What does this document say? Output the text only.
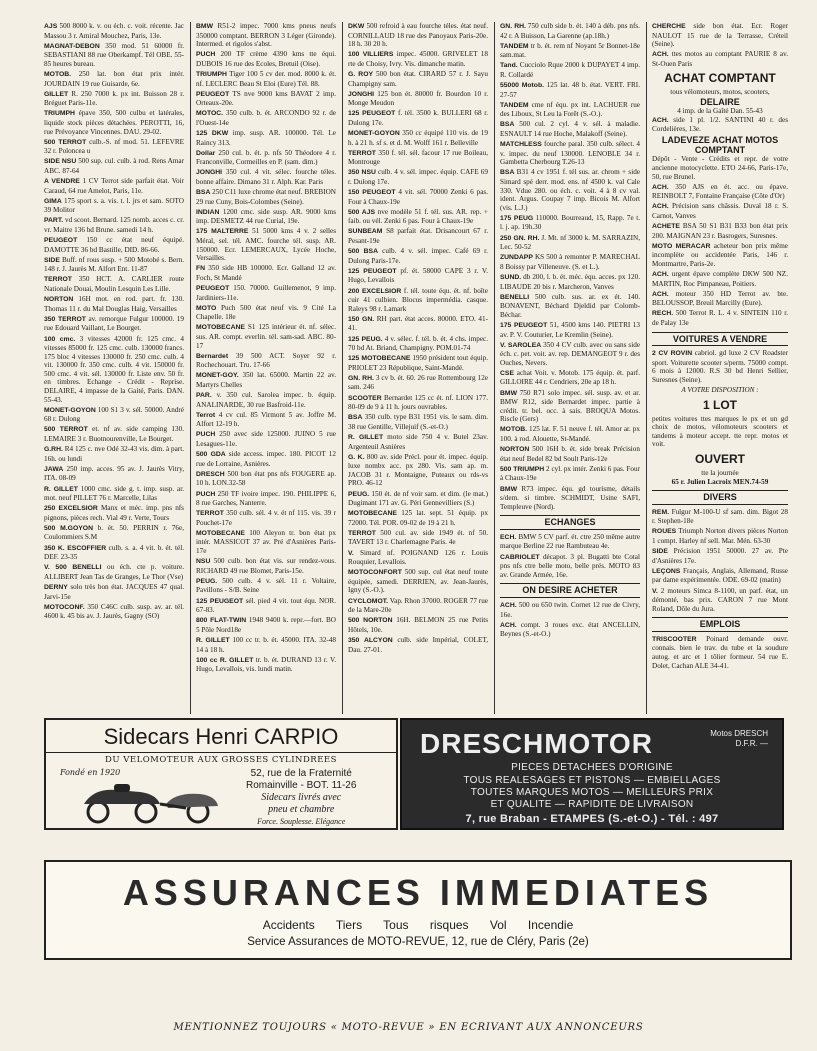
AJS 500 8000 k. v. ou éch. c. voit. récente. Jac Massou 3 r. Amiral Mouchez, Paris, 13e.
MAGNAT-DEBON 350 mod. 51 60000 fr. SEBASTIANI 88 rue Oberkampf. Tél OBE. 55-85 heures bureau.
MOTOB. 250 lat. bon état prix intér. JOURDAIN 19 rue Guisarde, 6e.
GILLET R. 250 7000 k. px int. Buisson 28 r. Bréguet Paris-11e.
TRIUMPH épave 350, 500 culbu et latérales, liquide stock pièces détachées. PEROTTI, 16, rue Prévoyance Vincennes. DAU. 29-02.
500 TERROT culb.-S. nf mod. 51. LEFEVRE 32 r. Poloncea u
SIDE NSU 500 sup. cul. culb. à rod. Rens Amar ABC. 87-64
A VENDRE 1 CV Terrot side parfait état. Voir Caraud, 64 rue Amelot, Paris, 11e.
GIMA 175 sport s. a. vis. t. l. jrs et sam. SOTO 39 Molitor
PART. vd scoot. Bernard. 125 nomb. acces c. cr. vr. Maitre 136 bd Brune. samedi 14 h.
PEUGEOT 150 cc état neuf équipé. DAMOTTE 36 bd Bastille, DID. 86-66.
SIDE Buff. nf rous susp. + 500 Motobé s. Bern. 148 r. J. Jaurès M. Alfort Ent. 11-87
TERROT 350 HCT. A. CARLIER route Nationale Douai, Moulin Lesquin Les Lille.
NORTON 16H mot. en rod. part. fr. 130. Thomas 11 r. du Mal Douglas Haig, Versailles
350 TERROT av. remorque Fulgur 100000. 19 rue Edouard Vaillant, Le Bourget.
100 cmc. 3 vitesses 42000 fr. 125 cmc. 4 vitesses 85000 fr. 125 cmc. culb. 130000 francs. 175 bloc 4 vitesses 130000 fr. 250 cmc. culb. 4 vit. 130000 fr. 350 cmc. culb. 4 vit. 150000 fr. 500 cmc. 4 vit. sél. 130000 fr. Liste env. 50 fr. en timbres. Echange - Crédit - Reprise. DELAIRE, 4 impasse de la Gaité, Paris. DAN. 55-43.
MONET-GOYON 100 S1 3 v. sél. 50000. André 68 r. Dulong
500 TERROT et. nf av. side camping 130. LEMAIRE 3 r. Buotnourenville, Le Bourget.
G.RH. R4 125 c. nve Odé 32-43 vis. dim. à part. 16h. ou lundi
JAWA 250 imp. acces. 95 av. J. Jaurès Vitry, ITA. 08-09
R. GILLET 1000 cmc. side g. t. imp. susp. ar. mot. neuf PILLET 76 r. Marcelle, Lilas
250 EXCELSIOR Manx et méc. imp. pns nfs pignons, pièces rech. Vial 49 r. Verte, Tours
500 M.GOYON b. ét. 50. PERRIN r. 76e, Coulommiers S.M
350 K. ESCOFFIER culb. s. a. 4 vit. b. ét. tél. DEF. 23-35
V. 500 BENELLI ou éch. cte p. voiture. ALLIBERT Jean Tas de Granges, Le Thor (Vse)
DERNY solo très bon état. JACQUES 47 qual. Jarvi-15e
MOTOCONF. 350 C46C culb. susp. av. ar. tél. 4600 k. 45 bis av. J. Jaurès, Gagny (SO)
BMW R51-2 impec. 7000 kms pneus neufs 350000 comptant. BERRON 3 Léger (Gironde). Intermed. et rigolos s'abst.
PUCH 200 TF crème 4390 kms tte équi. DUBOIS 16 rue des Ecoles, Bretuil (Oise).
TRIUMPH Tiger 100 5 cv der. mod. 8000 k. ét. nf. LECLERC Beau St Eloi (Eure) Tél. 88.
PEUGEOT TS nve 9000 kms BAVAT 2 imp. Orteaux-20e.
MOTOC. 350 culb. b. ét. ARCONDO 92 r. de l'Ouest-14e
125 DKW imp. susp. AR. 100000. Tél. Le Raincy 313.
Dollar 250 cul. b. ét. p. nfs 50 Théodore 4 r. Franconville, Cormeilles en P. (sam. dim.)
JONGHI 350 cul. 4 vit. sélec. fourche téles. bonne affaire. Dimano 31 r. Alph. Kar. Paris
BSA 250 C11 luxe chrome état neuf. BREBION 29 rue Cuny, Bois-Colombes (Seine).
INDIAN 1200 cmc. side susp. AR. 9000 kms imp. DESMETZ 44 rue Curial, 19e.
175 MALTERRE 51 5000 kms 4 v. 2 selles Méral, sel. tél. AMC. fourche tél. susp. AR. 150000. Ecr. LEMERCAUX, Lycée Hoche, Versailles.
FN 350 side HB 100000. Ecr. Galland 12 av. Foch, St Mandé
PEUGEOT 150. 70000. Guillemenot, 9 imp. Jardiniers-11e.
MOTO Puch 500 état neuf vis. 9 Cité La Chapelle. 18e
MOTOBECANE S1 125 intérieur ét. nf. sélec. sus. AR. compt. everlin. tél. sam-sad. ABC. 80-17
Bernardet 39 500 ACT. Soyer 92 r. Rochechouart. Tru. 17-66
MONET-GOY. 350 lat. 65000. Martin 22 av. Martyrs Chelles
PAR. v. 350 cul. Sarolea impec. b. équip. ANALINARDE, 30 rue Basfroid-11e.
Terrot 4 cv cul. 85 Virmont 5 av. Joffre M. Alfort 12-19 h.
PUCH 250 avec side 125000. JUINO 5 rue Lesagues-11e.
500 GDA side access. impec. 180. PICOT 12 rue de Lorraine, Asnières.
DRESCH 500 bon état pns nfs FOUGERE ap. 10 h. LON.32-58
PUCH 250 TF ivoire impec. 190. PHILIPPE 6, 8 rue Garches, Nanterre.
TERROT 350 culb. sél. 4 v. ét nf 115. vis. 39 r Pouchet-17e
MOTOBECANE 100 Aleyon tr. bon état px intér. MASSICOT 37 av. Pré d'Asnières Paris-17e
NSU 500 culb. bon état vis. sur rendez-vous. RICHARD 49 rue Blomet, Paris-15e.
PEUG. 500 culb. 4 v. sél. 11 r. Voltaire, Pavillons - S/B. Seine
125 PEUGEOT sél. pied 4 vit. tout équ. NOR. 67-83.
800 FLAT-TWIN 1948 9400 k. repr.—fort. BO 5 Pôle Nord18e
R. GILLET 100 cc tr. b. ét. 45000. ITA. 32-48 14 à 18 h.
100 cc R. GILLET tr. b. ét. DURAND 13 r. V. Hugo, Levallois, vis. lundi matin.
DKW 500 refroid à eau fourche téles. état neuf. CORNILLAUD 18 rue des Panoyaux Paris-20e. 18 h. 30 20 h.
100 VILLIERS impec. 45000. GRIVELET 18 rte de Choisy, Ivry. Vis. dimanche matin.
G. ROY 500 bon état. CIRARD 57 r. J. Sayu Champigny sam.
JONGHI 125 bon ét. 80000 fr. Bourdon 10 r. Monge Meudon
125 PEUGEOT f. tél. 3500 k. BULLERI 68 r. Dulong 17e.
MONET-GOYON 350 cc équipé 110 vis. de 19 h. à 21 h. sf s. et d. M. Wolff 161 r. Belleville
TERROT 350 f. tél. sél. facour 17 rue Boileau, Montrouge
350 NSU culb. 4 v. sél. impec. équip. CAFE 69 r. Dulong 17e.
150 PEUGEOT 4 vit. sél. 70000 Zenki 6 pas. Four à Chaux-19e
500 AJS nve modèle 51 f. tél. sus. AR. rep. + faib. ou vél. Zenki 6 pas. Four à Chaux-19e
SUNBEAM S8 parfait état. Drisancourt 67 r. Pesant-19e
500 BSA culb. 4 v. sél. impec. Café 69 r. Dulong Paris-17e.
125 PEUGEOT pf. ét. 58000 CAPE 3 r. V. Hugo, Levallois
200 EXCELSIOR f. tél. toute équ. ét. nf. boîte cuir 41 culbien. Blocus impermédia. casque. Raleys 98 r. Lamark
150 GN. RH part. état acces. 80000. ETO. 41-41.
125 PEUG. 4 v. sélec. f. tél. b. ét. 4 chs. impec. 70 bd At. Briand, Champigny. POM.01-74
125 MOTOBECANE 1950 président tout équip. PRIOLET 23 République, Saint-Mandé.
GN. RH. 3 cv b. ét. 60. 26 rue Rottembourg 12e sam. 246
SCOOTER Bernardet 125 cc ét. nf. LION 177. 80-09 de 9 à 11 h. jours ouvrables.
BSA 350 culb. type B31 1951 vis. le sam. dim. 38 rue Gentille, Villejuif (S.-et-O.)
R. GILLET moto side 750 4 v. Butel 23av. Argenteuil Asnières
G. K. 800 av. side Précl. pour ét. impec. équip. luxe nombx acc. px 280. Vis. sam ap. m. JACOB 31 r. Montaigne, Puteaux ou rds-vs PRO. 46-12
PEUG. 150 ét. de nf voir sam. et dim. (le mat.) Dugimant 171 av. G. Péri Gennevilliers (S.)
MOTOBECANE 125 lat. sept. 51 équip. px 72000. Tél. POR. 09-02 de 19 à 21 h.
TERROT 500 cul. av. side 1949 ét. nf 50. TAVERT 13 r. Charlemagne Paris. 4e
V. Simard nf. POIGNAND 126 r. Louis Rouquier, Levallois.
MOTOCONFORT 500 sup. cul état neuf toute équipée, samedi. DERRIEN, av. Jean-Jaurès, Igny (S.-O.).
CYCLOMOT. Vap. Rhon 37000. ROGER 77 rue de la Mare-20e
500 NORTON 16H. BELMON 25 rue Petits Hôtels, 10e.
350 ALCYON culb. side Impérial, COLET, Dau. 27-01.
GN. RH. 750 culb side b. ét. 140 à déb. pns nfs. 42 r. A Buisson, La Garenne (ap.18h.)
TANDEM tr b. ét. rem nf Noyant 5r Bonnet-18e sam.mat.
Tand. Cucciolo Rque 2000 k DUPAYET 4 imp. R. Collardé
55000 Motob. 125 lat. 48 b. état. VERT. FRI. 27-57
TANDEM cme nf équ. px int. LACHUER rue des Liboux, St Leu la Forêt (S.-O.).
BSA 500 cul. 2 cyl. 4 v. sél. à maladie. ESNAULT 14 rue Hoche, Malakoff (Seine).
MATCHLESS fourche paral. 350 culb. sélect. 4 v. impec. du neuf 130000. LENOBLE 34 r. Gambetta Cherbourg T.26-13
BSA B31 4 cv 1951 f. tél sus. ar. chrom + side Simard spé derr. mod. ens. nf 4500 k. val Cale 330. Vdue 280. ou éch. c. voit. 4 à 8 cv val. ident. Argus. Coupay 7 imp. Bicois M. Alfort (vis. L.J.)
175 PEUG 110000. Bourreaud, 15, Rapp. 7e t. l. j. ap. 19h.30
250 GN. RH. J. Mt. nf 3000 k. M. SARRAZIN, Lec. 50-52
ZUNDAPP KS 500 à remonter P. MARECHAL 8 Boissy par Villeneuve. (S. et L.).
SUND. db 200, l. b. ét. méc. équ. acces. px 120. LIBAUDE 20 bis r. Marcheron, Vanves
BENELLI 500 culb. sus. ar. ex ét. 140. BONAVENT, Béchard Djeldid par Colomb-Béchar.
175 PEUGEOT 51, 4500 kms 140. PIETRI 13 av. P. V. Couturier, Le Kremlin (Seine).
V. SAROLEA 350 4 CV culb. avec ou sans side éch. c. pet. voit. av. rep. DEMANGEOT 9 r. des Ouches, Nevers.
CSE achat Voit. v. Motob. 175 équip. ét. parf. GILLOIRE 44 r. Cendriers, 20e ap 18 h.
BMW 750 R71 solo impec. sél. susp. av. et ar. BMW R12, side Bernardet impec. partie à crédit. tr. bel. occ. à sais. BROQUA Motos. Riscle (Gers)
MOTOB. 125 lat. F. 51 neuve f. tél. Amor ar. px 100. à rod. Alouette, St-Mandé.
NORTON 500 16H b. ét. side break Précision état neuf Bedel 82 bd Soult Paris-12e
500 TRIUMPH 2 cyl. px intér. Zenki 6 pas. Four à Chaux-19e
BMW R73 impec. équ. gd tourisme, détails s/dem. si timbre. SCHMIDT, Usine SAFI, Templeuve (Nord).
ECHANGES
ECH. BMW 5 CV parf. ét. ctre 250 même autre marque Berline 22 rue Rambuteau 4e.
CABRIOLET décapot. 3 pl. Bugatti bte Cotal pns nfs ctre belle moto, belle prés. MOTO 83 av. Grande Armée, 16e.
ON DESIRE ACHETER
ACH. 500 ou 650 twin. Cornet 12 rue de Civry, 16e.
ACH. compt. 3 roues exc. état ANCELLIN, Beynes (S.-et-O.)
CHERCHE side bon état. Ecr. Roger NAULOT 15 rue de la Terrasse, Créteil (Seine).
ACH. ttes motos au comptant PAURIE 8 av. St-Ouen Paris
ACHAT COMPTANT
tous vélomoteurs, motos, scooters,
DELAIRE
4 imp. de la Gaîté Dan. 55-43
ACH. side 1 pl. 1/2. SANTINI 40 r. des Cordelières, 13e.
LADEVEZE ACHAT MOTOS COMPTANT
Dépôt - Vente - Crédits et repr. de votre ancienne motocyclette. ETO 24-66, Paris-17e, 50, rue Brunel.
ACH. 350 AJS en ét. acc. ou épave. REINBOLT 7, Fontaine Française (Côte d'Or)
ACH. Précision sans châssis. Duval 18 r. S. Carnot, Vanves
ACHETE BSA 50 S1 B31 B33 bon état prix 200. MAIGNAN 23 r. Basrogers, Suresnes.
MOTO MERACAR acheteur bon prix même incomplète ou accidentée Paris, 146 r. Montmartre, Paris-2e.
ACH. urgent épave complète DKW 500 NZ. MARTIN, Roc Pimpaneau, Poitiers.
ACH. moteur 350 HD Terrot av. bte. BELOUSSOP, Breuil Marcilly (Eure).
RECH. 500 Terrot R. L. 4 v. SINTEIN 110 r. de Palay 13e
VOITURES A VENDRE
2 CV ROVIN cabriol. gd luxe 2 CV Roadster sport. Voiturette scooter s/perm. 75000 compt. 6 mois à 12000. R.S 30 bd Henri Sellier, Suresnes (Seine).
A VOTRE DISPOSITION :
1 LOT
petites voitures ttes marques le px et un gd choix de motos, vélomoteurs scooters et tandems à moteur accept. tte repr. motos et voit.
OUVERT
tte la journée
65 r. Julien Lacroix MEN.74-59
DIVERS
REM. Fulgur M-100-U sf sam. dim. Bigot 28 r. Stephen-18e
ROUES Triumph Norton divers pièces Norton 1 compt. Harley nf sell. Mar. Mén. 63-30
SIDE Précision 1951 50000. 27 av. Pte d'Asnières 17e.
LEÇONS Français, Anglais, Allemand, Russe par dame expérimentée. ODE. 69-02 (matin)
V. 2 moteurs Simca 8-1100, un parf. état, un démonté, bas prix. CARON 7 rue Mont Roland, Dôle du Jura.
EMPLOIS
TRISCOOTER Poinard demande ouvr. connais. bien le trav. du tube et la soudure autog. et arc et 1 tôlier formeur. 54 rue E. Dolet, Cachan ALE 34-41.
Sidecars Henri CARPIO
DU VELOMOTEUR AUX GROSSES CYLINDREES
Fondé en 1920	52, rue de la Fraternité
Romainville - BOT. 11-26
Sidecars livrés avec
pneu et chambre
Force. Souplesse. Elégance
DRESCHMOTOR	Motos DRESCH
D.F.R. —
PIECES DETACHEES D'ORIGINE
TOUS REALESAGES ET PISTONS — EMBIELLAGES
TOUTES MARQUES MOTOS — MEILLEURS PRIX
ET QUALITE — RAPIDITE DE LIVRAISON
7, rue Braban - ETAMPES (S.-et-O.) - Tél. : 497
ASSURANCES IMMEDIATES
Accidents Tiers Tous risques Vol Incendie
Service Assurances de MOTO-REVUE, 12, rue de Cléry, Paris (2e)
MENTIONNEZ TOUJOURS « MOTO-REVUE » EN ECRIVANT AUX ANNONCEURS
